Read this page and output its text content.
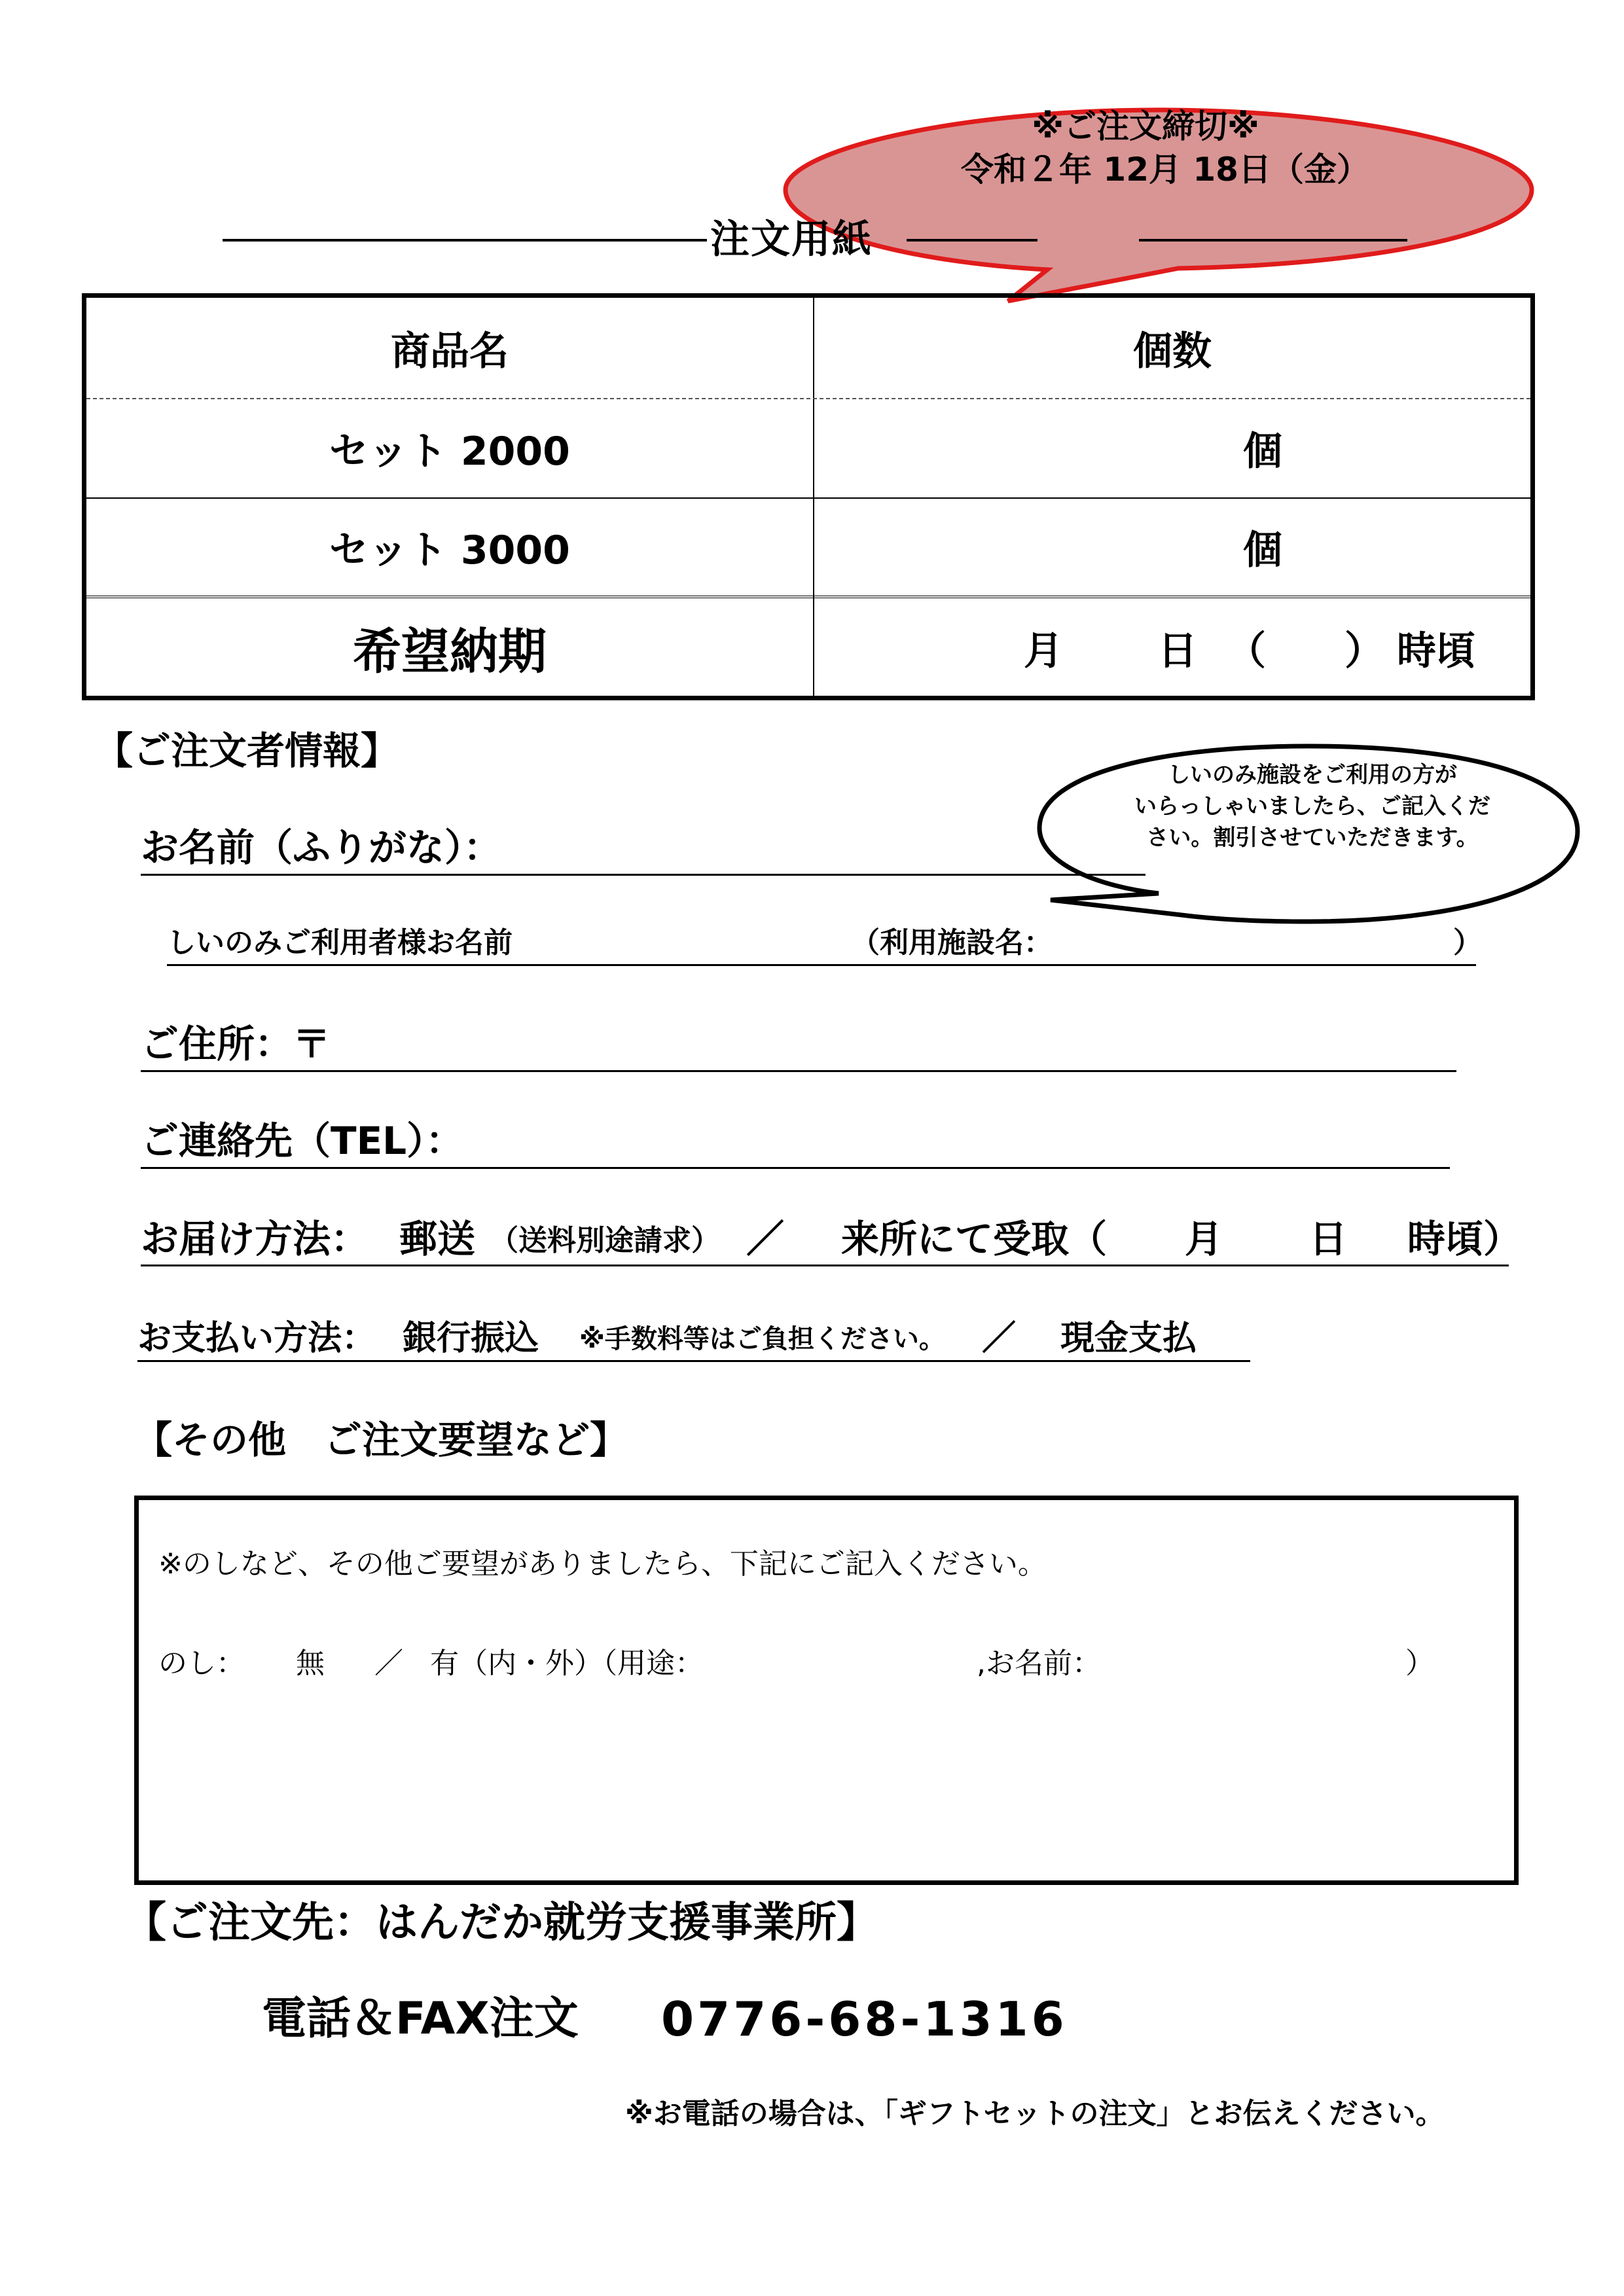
※ご注文締切※
令和２年 12月 18日（金）
注文用紙
商品名	個数
セット 2000	個
セット 3000	個
希望納期	月 日 （　　） 時頃
【ご注文者情報】
しいのみ施設をご利用の方が
いらっしゃいましたら、ご記入くだ
さい。割引させていただきます。
お名前（ふりがな）：
しいのみご利用者様お名前	（利用施設名：	）
ご住所：〒
ご連絡先（TEL）：
お届け方法： 郵送 （送料別途請求） ／ 来所にて受取（ 月 日 時頃）
お支払い方法： 銀行振込 ※手数料等はご負担ください。 ／ 現金支払
【その他　ご注文要望など】
※のしなど、その他ご要望がありましたら、下記にご記入ください。
のし： 無 ／ 有（内・外）（用途：	,お名前：	）
【ご注文先：はんだか就労支援事業所】
電話＆FAX注文 0776-68-1316
※お電話の場合は、「ギフトセットの注文」とお伝えください。
